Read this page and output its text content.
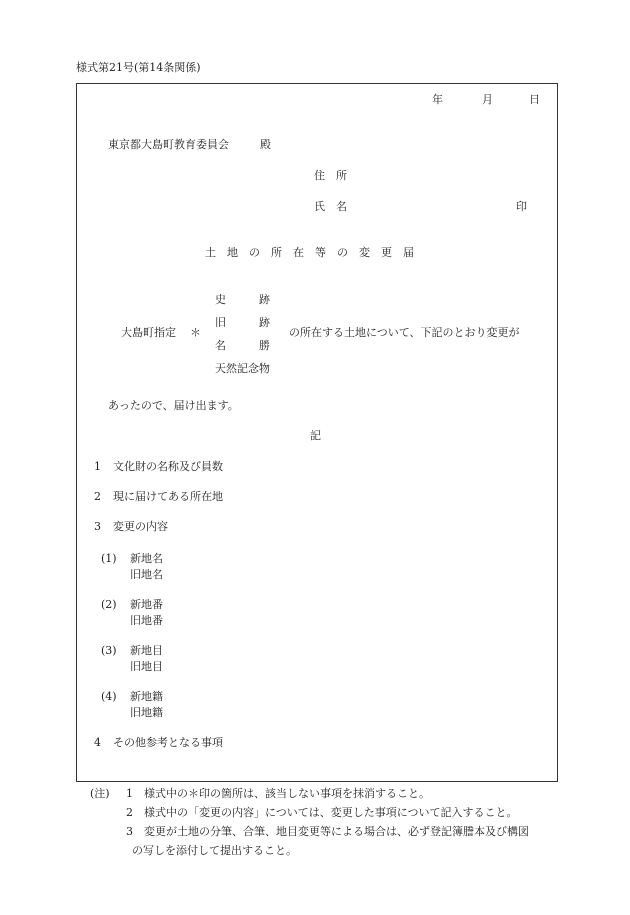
様式第21号(第14条関係)
年	月	日
東京都大島町教育委員会	殿
住　所
氏　名	印
土　地　の　所　在　等　の　変　更　届
大島町指定 ＊
史　　　跡
旧　　　跡
名　　　勝
天然記念物
の所在する土地について、下記のとおり変更が
あったので、届け出ます。
記
1 文化財の名称及び員数
2 現に届けてある所在地
3 変更の内容
(1) 新地名
旧地名
(2) 新地番
旧地番
(3) 新地目
旧地目
(4) 新地籍
旧地籍
4 その他参考となる事項
(注) 1 様式中の＊印の箇所は、該当しない事項を抹消すること。
2 様式中の「変更の内容」については、変更した事項について記入すること。
3 変更が土地の分筆、合筆、地目変更等による場合は、必ず登記簿謄本及び構図
の写しを添付して提出すること。
